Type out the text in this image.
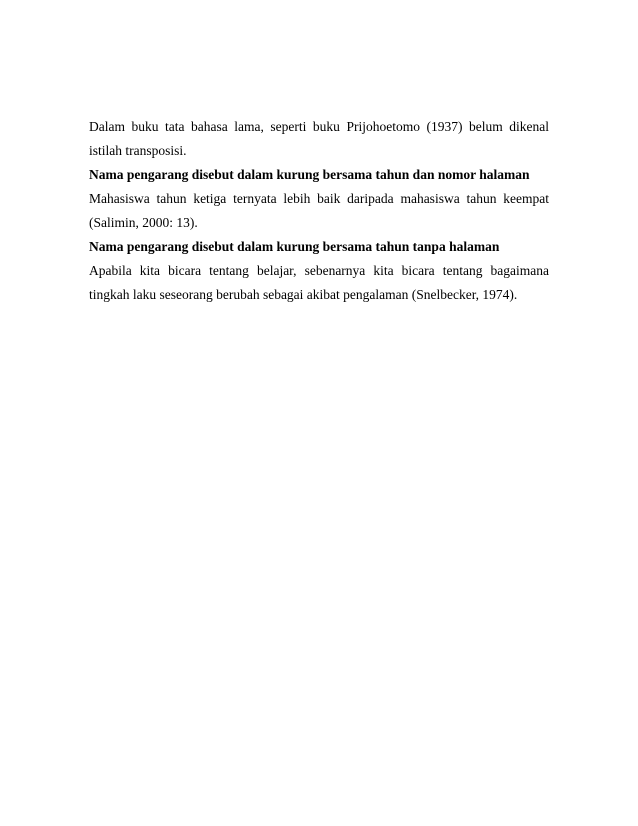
Dalam buku tata bahasa lama, seperti buku Prijohoetomo (1937) belum dikenal istilah transposisi.

Nama pengarang disebut dalam kurung bersama tahun dan nomor halaman

Mahasiswa tahun ketiga ternyata lebih baik daripada mahasiswa tahun keempat (Salimin, 2000: 13).

Nama pengarang disebut dalam kurung bersama tahun tanpa halaman

Apabila kita bicara tentang belajar, sebenarnya kita bicara tentang bagaimana tingkah laku seseorang berubah sebagai akibat pengalaman (Snelbecker, 1974).
